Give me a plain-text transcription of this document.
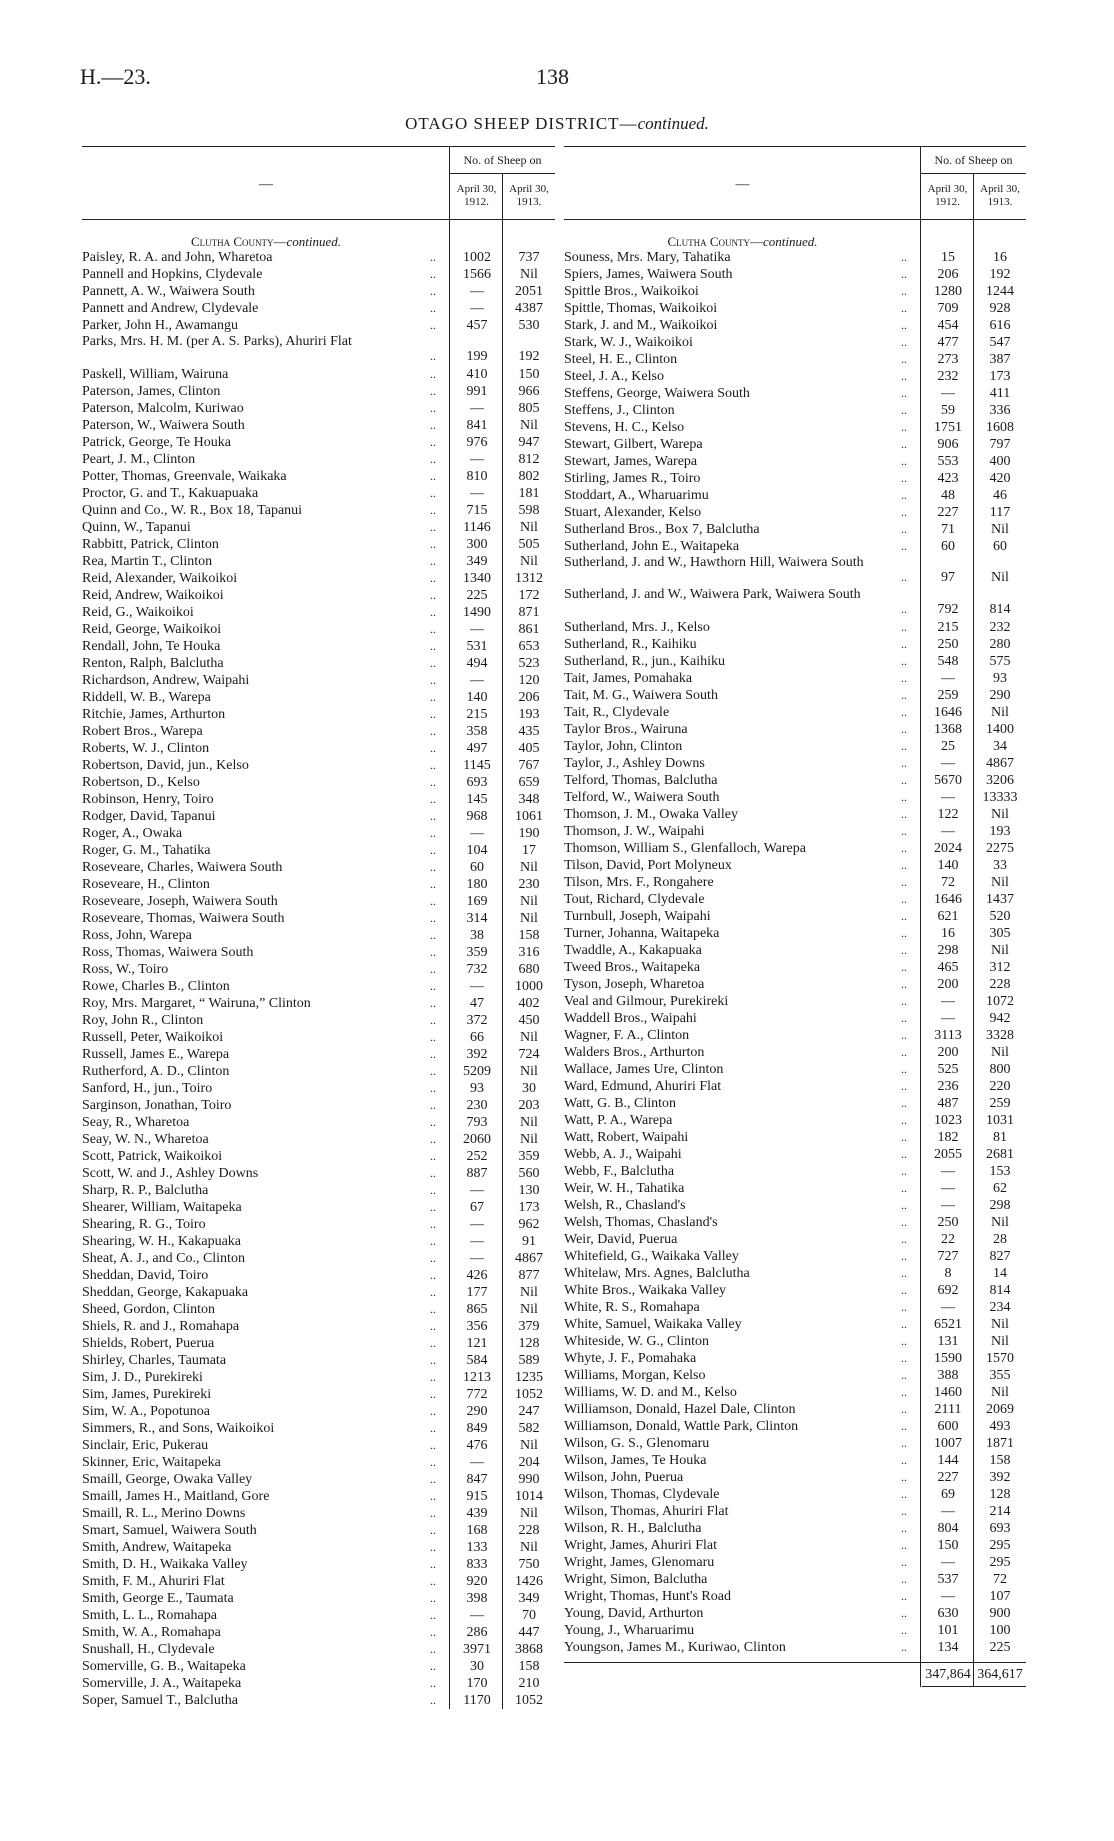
H.—23.	138
OTAGO SHEEP DISTRICT—continued.
—
No. of Sheep on
April 30, 1912.
April 30, 1913.
Clutha County—continued.
Paisley, R. A. and John, Wharetoa	..	1002	737
Pannell and Hopkins, Clydevale	..	1566	Nil
Pannett, A. W., Waiwera South	..	—	2051
Pannett and Andrew, Clydevale	..	—	4387
Parker, John H., Awamangu	..	457	530
Parks, Mrs. H. M. (per A. S. Parks), Ahuriri Flat
..	199	192
Paskell, William, Wairuna	..	410	150
Paterson, James, Clinton	..	991	966
Paterson, Malcolm, Kuriwao	..	—	805
Paterson, W., Waiwera South	..	841	Nil
Patrick, George, Te Houka	..	976	947
Peart, J. M., Clinton	..	—	812
Potter, Thomas, Greenvale, Waikaka	..	810	802
Proctor, G. and T., Kakuapuaka	..	—	181
Quinn and Co., W. R., Box 18, Tapanui	..	715	598
Quinn, W., Tapanui	..	1146	Nil
Rabbitt, Patrick, Clinton	..	300	505
Rea, Martin T., Clinton	..	349	Nil
Reid, Alexander, Waikoikoi	..	1340	1312
Reid, Andrew, Waikoikoi	..	225	172
Reid, G., Waikoikoi	..	1490	871
Reid, George, Waikoikoi	..	—	861
Rendall, John, Te Houka	..	531	653
Renton, Ralph, Balclutha	..	494	523
Richardson, Andrew, Waipahi	..	—	120
Riddell, W. B., Warepa	..	140	206
Ritchie, James, Arthurton	..	215	193
Robert Bros., Warepa	..	358	435
Roberts, W. J., Clinton	..	497	405
Robertson, David, jun., Kelso	..	1145	767
Robertson, D., Kelso	..	693	659
Robinson, Henry, Toiro	..	145	348
Rodger, David, Tapanui	..	968	1061
Roger, A., Owaka	..	—	190
Roger, G. M., Tahatika	..	104	17
Roseveare, Charles, Waiwera South	..	60	Nil
Roseveare, H., Clinton	..	180	230
Roseveare, Joseph, Waiwera South	..	169	Nil
Roseveare, Thomas, Waiwera South	..	314	Nil
Ross, John, Warepa	..	38	158
Ross, Thomas, Waiwera South	..	359	316
Ross, W., Toiro	..	732	680
Rowe, Charles B., Clinton	..	—	1000
Roy, Mrs. Margaret, “ Wairuna,” Clinton	..	47	402
Roy, John R., Clinton	..	372	450
Russell, Peter, Waikoikoi	..	66	Nil
Russell, James E., Warepa	..	392	724
Rutherford, A. D., Clinton	..	5209	Nil
Sanford, H., jun., Toiro	..	93	30
Sarginson, Jonathan, Toiro	..	230	203
Seay, R., Wharetoa	..	793	Nil
Seay, W. N., Wharetoa	..	2060	Nil
Scott, Patrick, Waikoikoi	..	252	359
Scott, W. and J., Ashley Downs	..	887	560
Sharp, R. P., Balclutha	..	—	130
Shearer, William, Waitapeka	..	67	173
Shearing, R. G., Toiro	..	—	962
Shearing, W. H., Kakapuaka	..	—	91
Sheat, A. J., and Co., Clinton	..	—	4867
Sheddan, David, Toiro	..	426	877
Sheddan, George, Kakapuaka	..	177	Nil
Sheed, Gordon, Clinton	..	865	Nil
Shiels, R. and J., Romahapa	..	356	379
Shields, Robert, Puerua	..	121	128
Shirley, Charles, Taumata	..	584	589
Sim, J. D., Purekireki	..	1213	1235
Sim, James, Purekireki	..	772	1052
Sim, W. A., Popotunoa	..	290	247
Simmers, R., and Sons, Waikoikoi	..	849	582
Sinclair, Eric, Pukerau	..	476	Nil
Skinner, Eric, Waitapeka	..	—	204
Smaill, George, Owaka Valley	..	847	990
Smaill, James H., Maitland, Gore	..	915	1014
Smaill, R. L., Merino Downs	..	439	Nil
Smart, Samuel, Waiwera South	..	168	228
Smith, Andrew, Waitapeka	..	133	Nil
Smith, D. H., Waikaka Valley	..	833	750
Smith, F. M., Ahuriri Flat	..	920	1426
Smith, George E., Taumata	..	398	349
Smith, L. L., Romahapa	..	—	70
Smith, W. A., Romahapa	..	286	447
Snushall, H., Clydevale	..	3971	3868
Somerville, G. B., Waitapeka	..	30	158
Somerville, J. A., Waitapeka	..	170	210
Soper, Samuel T., Balclutha	..	1170	1052
—
No. of Sheep on
April 30, 1912.
April 30, 1913.
Clutha County—continued.
Souness, Mrs. Mary, Tahatika	..	15	16
Spiers, James, Waiwera South	..	206	192
Spittle Bros., Waikoikoi	..	1280	1244
Spittle, Thomas, Waikoikoi	..	709	928
Stark, J. and M., Waikoikoi	..	454	616
Stark, W. J., Waikoikoi	..	477	547
Steel, H. E., Clinton	..	273	387
Steel, J. A., Kelso	..	232	173
Steffens, George, Waiwera South	..	—	411
Steffens, J., Clinton	..	59	336
Stevens, H. C., Kelso	..	1751	1608
Stewart, Gilbert, Warepa	..	906	797
Stewart, James, Warepa	..	553	400
Stirling, James R., Toiro	..	423	420
Stoddart, A., Wharuarimu	..	48	46
Stuart, Alexander, Kelso	..	227	117
Sutherland Bros., Box 7, Balclutha	..	71	Nil
Sutherland, John E., Waitapeka	..	60	60
Sutherland, J. and W., Hawthorn Hill, Waiwera South
..	97	Nil
Sutherland, J. and W., Waiwera Park, Waiwera South
..	792	814
Sutherland, Mrs. J., Kelso	..	215	232
Sutherland, R., Kaihiku	..	250	280
Sutherland, R., jun., Kaihiku	..	548	575
Tait, James, Pomahaka	..	—	93
Tait, M. G., Waiwera South	..	259	290
Tait, R., Clydevale	..	1646	Nil
Taylor Bros., Wairuna	..	1368	1400
Taylor, John, Clinton	..	25	34
Taylor, J., Ashley Downs	..	—	4867
Telford, Thomas, Balclutha	..	5670	3206
Telford, W., Waiwera South	..	—	13333
Thomson, J. M., Owaka Valley	..	122	Nil
Thomson, J. W., Waipahi	..	—	193
Thomson, William S., Glenfalloch, Warepa	..	2024	2275
Tilson, David, Port Molyneux	..	140	33
Tilson, Mrs. F., Rongahere	..	72	Nil
Tout, Richard, Clydevale	..	1646	1437
Turnbull, Joseph, Waipahi	..	621	520
Turner, Johanna, Waitapeka	..	16	305
Twaddle, A., Kakapuaka	..	298	Nil
Tweed Bros., Waitapeka	..	465	312
Tyson, Joseph, Wharetoa	..	200	228
Veal and Gilmour, Purekireki	..	—	1072
Waddell Bros., Waipahi	..	—	942
Wagner, F. A., Clinton	..	3113	3328
Walders Bros., Arthurton	..	200	Nil
Wallace, James Ure, Clinton	..	525	800
Ward, Edmund, Ahuriri Flat	..	236	220
Watt, G. B., Clinton	..	487	259
Watt, P. A., Warepa	..	1023	1031
Watt, Robert, Waipahi	..	182	81
Webb, A. J., Waipahi	..	2055	2681
Webb, F., Balclutha	..	—	153
Weir, W. H., Tahatika	..	—	62
Welsh, R., Chasland's	..	—	298
Welsh, Thomas, Chasland's	..	250	Nil
Weir, David, Puerua	..	22	28
Whitefield, G., Waikaka Valley	..	727	827
Whitelaw, Mrs. Agnes, Balclutha	..	8	14
White Bros., Waikaka Valley	..	692	814
White, R. S., Romahapa	..	—	234
White, Samuel, Waikaka Valley	..	6521	Nil
Whiteside, W. G., Clinton	..	131	Nil
Whyte, J. F., Pomahaka	..	1590	1570
Williams, Morgan, Kelso	..	388	355
Williams, W. D. and M., Kelso	..	1460	Nil
Williamson, Donald, Hazel Dale, Clinton	..	2111	2069
Williamson, Donald, Wattle Park, Clinton	..	600	493
Wilson, G. S., Glenomaru	..	1007	1871
Wilson, James, Te Houka	..	144	158
Wilson, John, Puerua	..	227	392
Wilson, Thomas, Clydevale	..	69	128
Wilson, Thomas, Ahuriri Flat	..	—	214
Wilson, R. H., Balclutha	..	804	693
Wright, James, Ahuriri Flat	..	150	295
Wright, James, Glenomaru	..	—	295
Wright, Simon, Balclutha	..	537	72
Wright, Thomas, Hunt's Road	..	—	107
Young, David, Arthurton	..	630	900
Young, J., Wharuarimu	..	101	100
Youngson, James M., Kuriwao, Clinton	..	134	225
347,864 364,617
